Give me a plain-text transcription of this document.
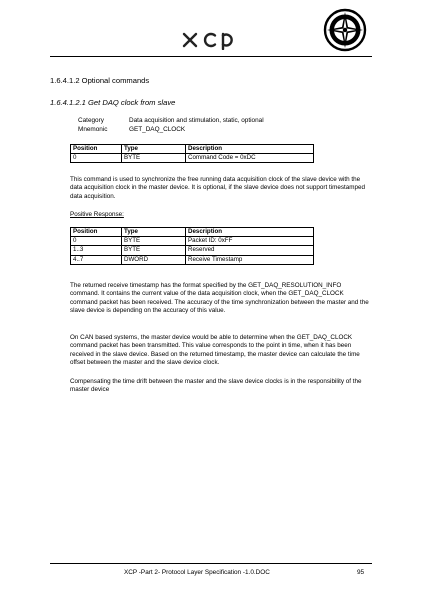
1.6.4.1.2 Optional commands
1.6.4.1.2.1 Get DAQ clock from slave
Category	Data acquisition and stimulation, static, optional
Mnemonic	GET_DAQ_CLOCK
Position	Type	Description
0	BYTE	Command Code = 0xDC
This command is used to synchronize the free running data acquisition clock of the slave device with the data acquisition clock in the master device. It is optional, if the slave device does not support timestamped data acquisition.
Positive Response:
Position	Type	Description
0	BYTE	Packet ID: 0xFF
1..3	BYTE	Reserved
4..7	DWORD	Receive Timestamp
The returned receive timestamp has the format specified by the GET_DAQ_RESOLUTION_INFO command. It contains the current value of the data acquisition clock, when the GET_DAQ_CLOCK command packet has been received. The accuracy of the time synchronization between the master and the slave device is depending on the accuracy of this value.
On CAN based systems, the master device would be able to determine when the GET_DAQ_CLOCK command packet has been transmitted. This value corresponds to the point in time, when it has been received in the slave device. Based on the returned timestamp, the master device can calculate the time offset between the master and the slave device clock.
Compensating the time drift between the master and the slave device clocks is in the responsibility of the master device
XCP -Part 2- Protocol Layer Specification -1.0.DOC	95
